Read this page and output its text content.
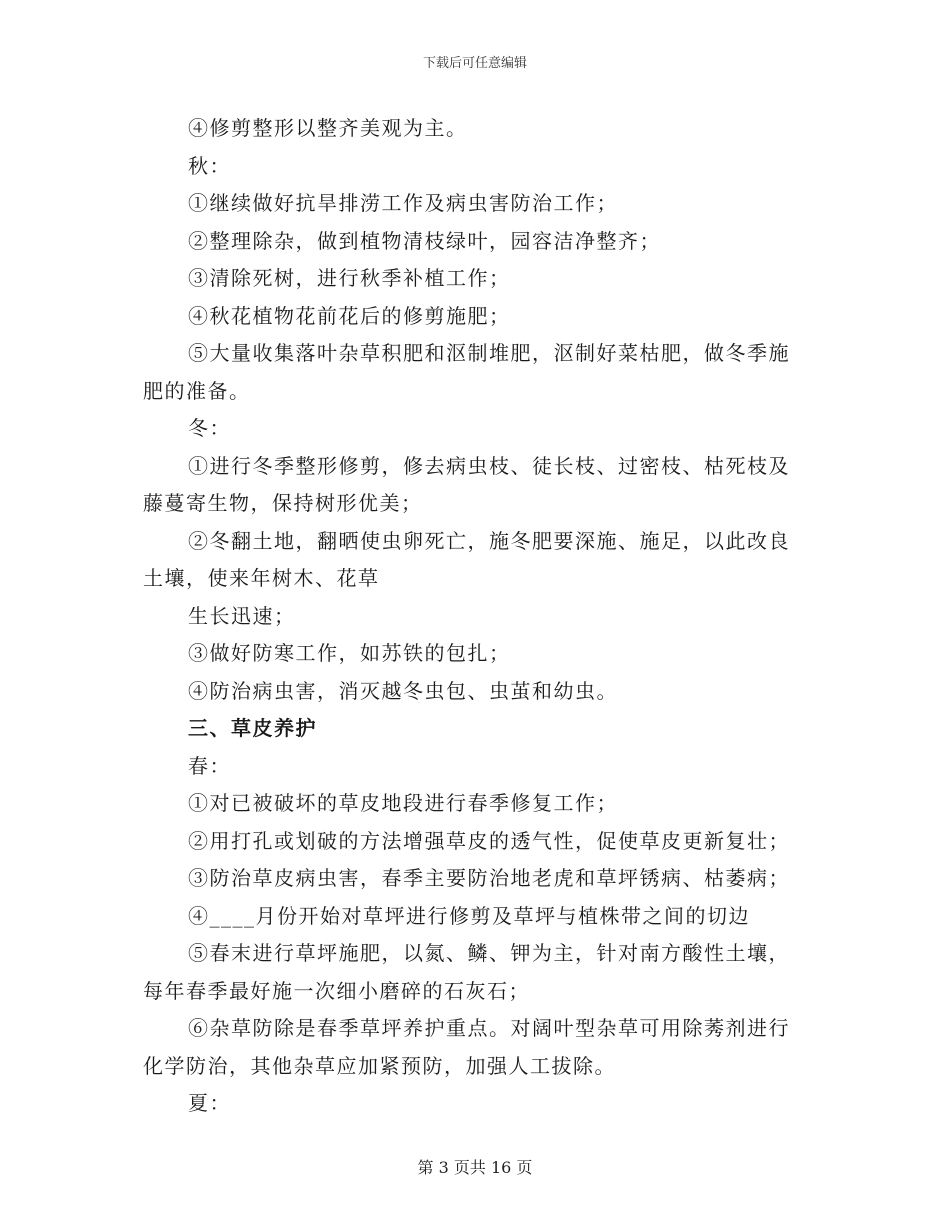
下载后可任意编辑

④修剪整形以整齐美观为主。

秋：

①继续做好抗旱排涝工作及病虫害防治工作；

②整理除杂，做到植物清枝绿叶，园容洁净整齐；

③清除死树，进行秋季补植工作；

④秋花植物花前花后的修剪施肥；

⑤大量收集落叶杂草积肥和沤制堆肥，沤制好菜枯肥，做冬季施肥的准备。

冬：

①进行冬季整形修剪，修去病虫枝、徒长枝、过密枝、枯死枝及藤蔓寄生物，保持树形优美；

②冬翻土地，翻晒使虫卵死亡，施冬肥要深施、施足，以此改良土壤，使来年树木、花草

生长迅速；

③做好防寒工作，如苏铁的包扎；

④防治病虫害，消灭越冬虫包、虫茧和幼虫。

三、草皮养护

春：

①对已被破坏的草皮地段进行春季修复工作；

②用打孔或划破的方法增强草皮的透气性，促使草皮更新复壮；

③防治草皮病虫害，春季主要防治地老虎和草坪锈病、枯萎病；

④____月份开始对草坪进行修剪及草坪与植株带之间的切边

⑤春末进行草坪施肥，以氮、鳞、钾为主，针对南方酸性土壤，每年春季最好施一次细小磨碎的石灰石；

⑥杂草防除是春季草坪养护重点。对阔叶型杂草可用除莠剂进行化学防治，其他杂草应加紧预防，加强人工拔除。

夏：

第 3 页共 16 页
